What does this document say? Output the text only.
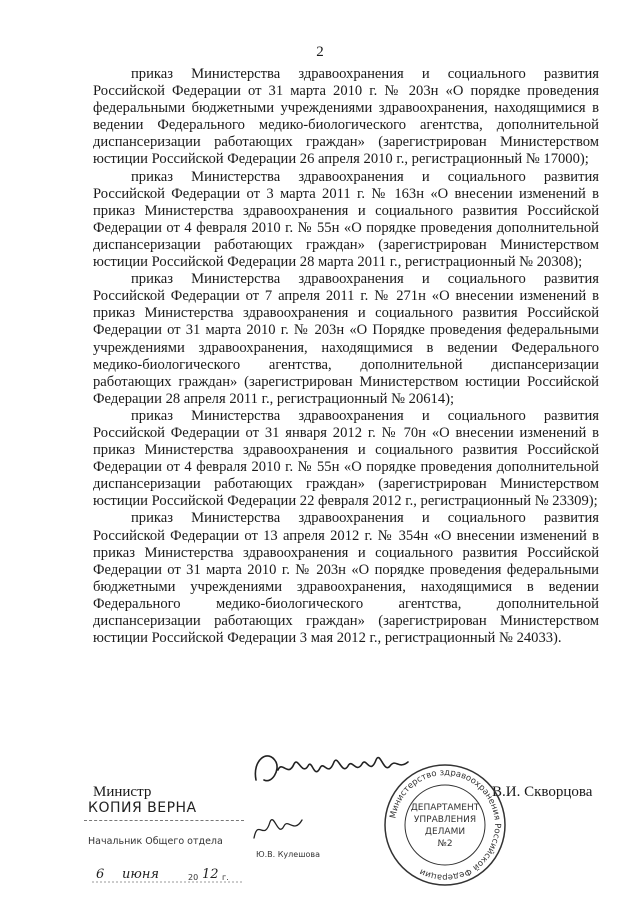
2

приказ Министерства здравоохранения и социального развития Российской Федерации от 31 марта 2010 г. № 203н «О порядке проведения федеральными бюджетными учреждениями здравоохранения, находящимися в ведении Федерального медико-биологического агентства, дополнительной диспансеризации работающих граждан» (зарегистрирован Министерством юстиции Российской Федерации 26 апреля 2010 г., регистрационный № 17000);

приказ Министерства здравоохранения и социального развития Российской Федерации от 3 марта 2011 г. № 163н «О внесении изменений в приказ Министерства здравоохранения и социального развития Российской Федерации от 4 февраля 2010 г. № 55н «О порядке проведения дополнительной диспансеризации работающих граждан» (зарегистрирован Министерством юстиции Российской Федерации 28 марта 2011 г., регистрационный № 20308);

приказ Министерства здравоохранения и социального развития Российской Федерации от 7 апреля 2011 г. № 271н «О внесении изменений в приказ Министерства здравоохранения и социального развития Российской Федерации от 31 марта 2010 г. № 203н «О Порядке проведения федеральными учреждениями здравоохранения, находящимися в ведении Федерального медико-биологического агентства, дополнительной диспансеризации работающих граждан» (зарегистрирован Министерством юстиции Российской Федерации 28 апреля 2011 г., регистрационный № 20614);

приказ Министерства здравоохранения и социального развития Российской Федерации от 31 января 2012 г. № 70н «О внесении изменений в приказ Министерства здравоохранения и социального развития Российской Федерации от 4 февраля 2010 г. № 55н «О порядке проведения дополнительной диспансеризации работающих граждан» (зарегистрирован Министерством юстиции Российской Федерации 22 февраля 2012 г., регистрационный № 23309);

приказ Министерства здравоохранения и социального развития Российской Федерации от 13 апреля 2012 г. № 354н «О внесении изменений в приказ Министерства здравоохранения и социального развития Российской Федерации от 31 марта 2010 г. № 203н «О порядке проведения федеральными бюджетными учреждениями здравоохранения, находящимися в ведении Федерального медико-биологического агентства, дополнительной диспансеризации работающих граждан» (зарегистрирован Министерством юстиции Российской Федерации 3 мая 2012 г., регистрационный № 24033).

Министр	В.И. Скворцова
Министерство здравоохранения Российской Федерации
ДЕПАРТАМЕНТ
УПРАВЛЕНИЯ
ДЕЛАМИ
№2
КОПИЯ ВЕРНА
Начальник Общего отдела
Ю.В. Кулешова
6 июня	20 12 г.
